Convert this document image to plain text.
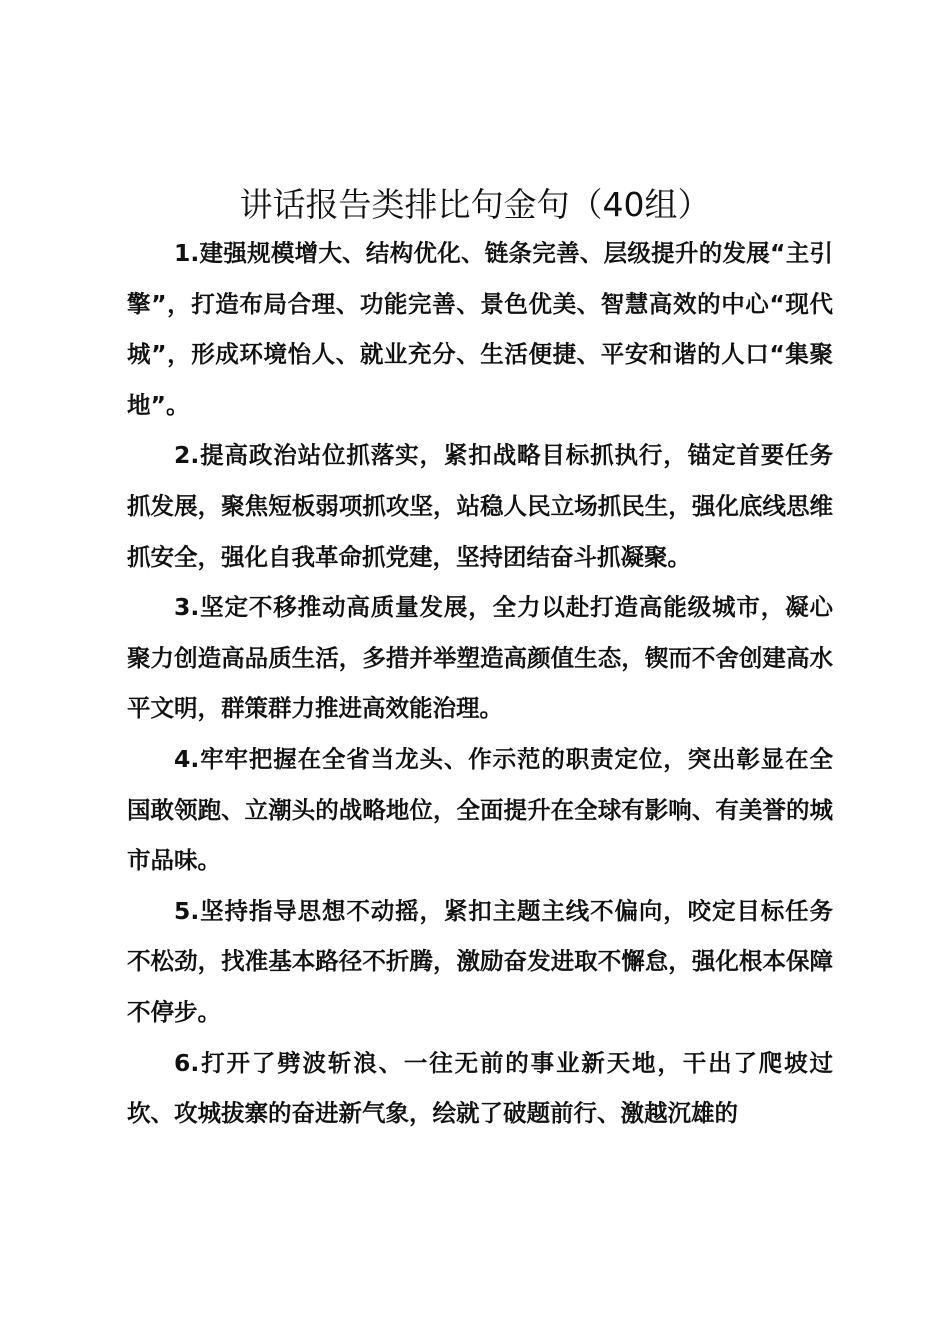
讲话报告类排比句金句（40组）

1.建强规模增大、结构优化、链条完善、层级提升的发展“主引擎”，打造布局合理、功能完善、景色优美、智慧高效的中心“现代城”，形成环境怡人、就业充分、生活便捷、平安和谐的人口“集聚地”。

2.提高政治站位抓落实，紧扣战略目标抓执行，锚定首要任务抓发展，聚焦短板弱项抓攻坚，站稳人民立场抓民生，强化底线思维抓安全，强化自我革命抓党建，坚持团结奋斗抓凝聚。

3.坚定不移推动高质量发展，全力以赴打造高能级城市，凝心聚力创造高品质生活，多措并举塑造高颜值生态，锲而不舍创建高水平文明，群策群力推进高效能治理。

4.牢牢把握在全省当龙头、作示范的职责定位，突出彰显在全国敢领跑、立潮头的战略地位，全面提升在全球有影响、有美誉的城市品味。

5.坚持指导思想不动摇，紧扣主题主线不偏向，咬定目标任务不松劲，找准基本路径不折腾，激励奋发进取不懈怠，强化根本保障不停步。

6.打开了劈波斩浪、一往无前的事业新天地，干出了爬坡过坎、攻城拔寨的奋进新气象，绘就了破题前行、激越沉雄的
